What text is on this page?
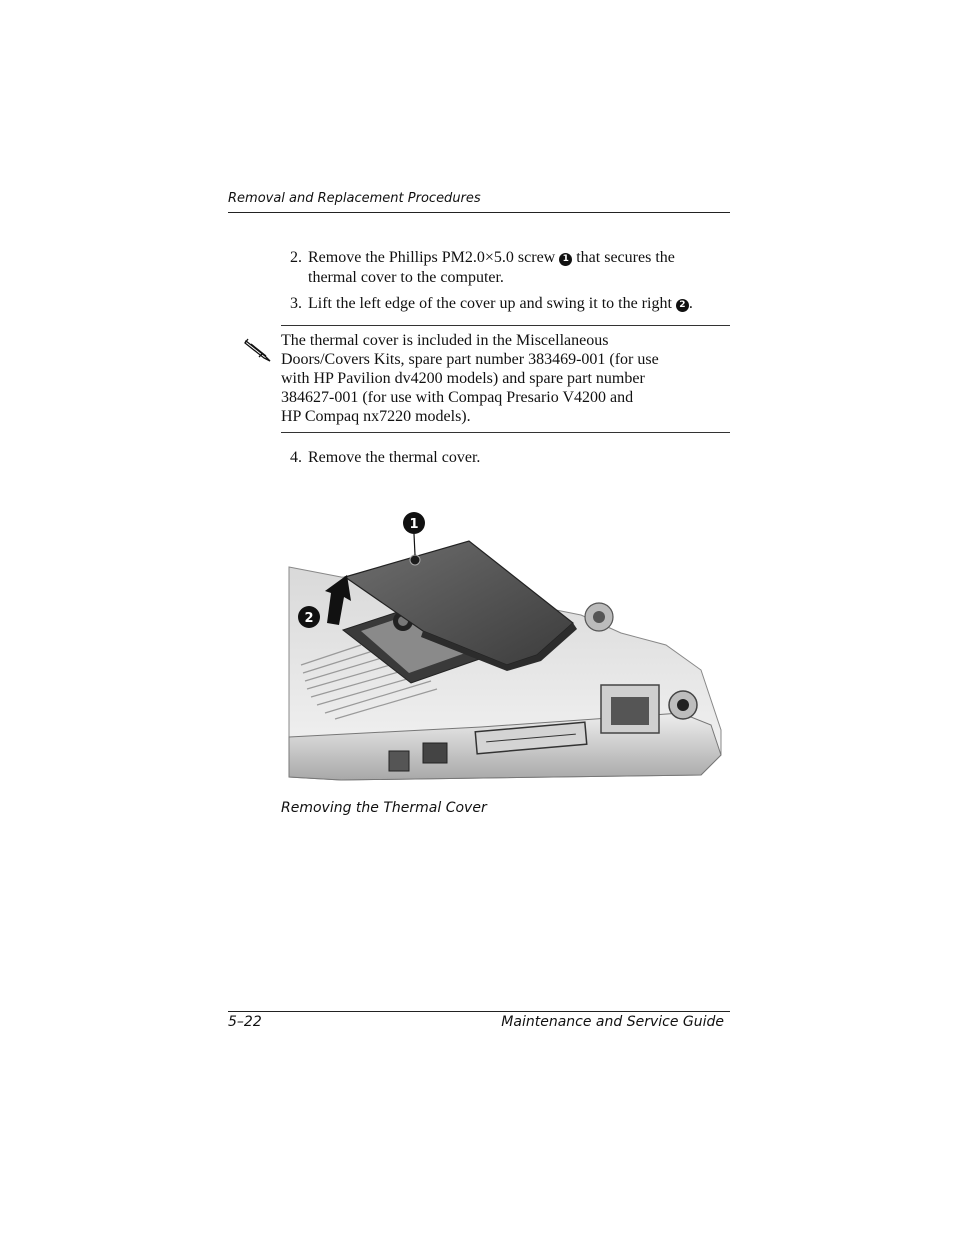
Removal and Replacement Procedures
2. Remove the Phillips PM2.0×5.0 screw 1 that secures the
thermal cover to the computer.
3. Lift the left edge of the cover up and swing it to the right 2 .
The thermal cover is included in the Miscellaneous
Doors/Covers Kits, spare part number 383469-001 (for use
with HP Pavilion dv4200 models) and spare part number
384627-001 (for use with Compaq Presario V4200 and
HP Compaq nx7220 models).
4. Remove the thermal cover.
1
2
Removing the Thermal Cover
5–22	Maintenance and Service Guide
